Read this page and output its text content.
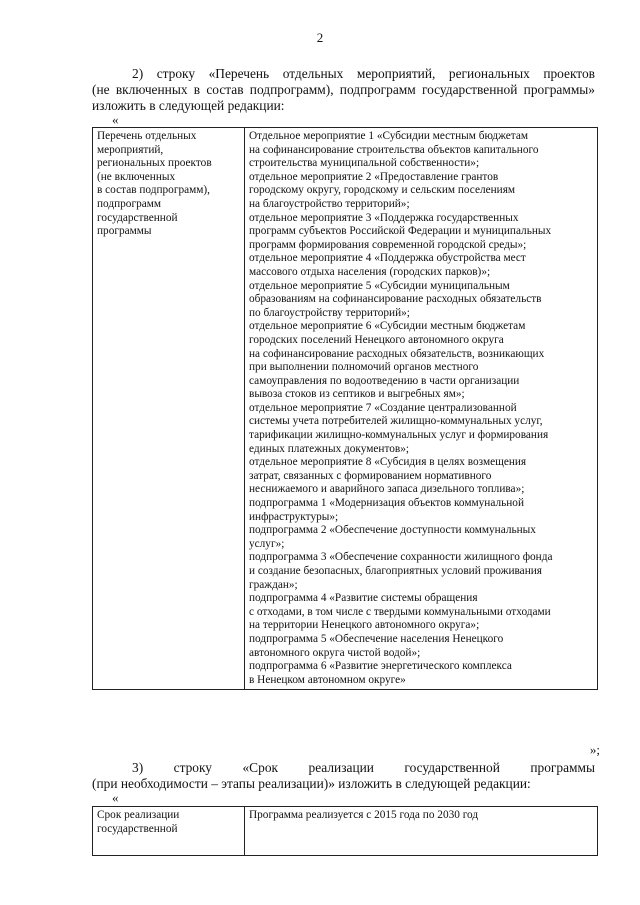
2
2) строку «Перечень отдельных мероприятий, региональных проектов
(не включенных в состав подпрограмм), подпрограмм государственной программы»
изложить в следующей редакции:
«
Перечень отдельных
мероприятий,
региональных проектов
(не включенных
в состав подпрограмм),
подпрограмм
государственной
программы

Отдельное мероприятие 1 «Субсидии местным бюджетам
на софинансирование строительства объектов капитального
строительства муниципальной собственности»;
отдельное мероприятие 2 «Предоставление грантов
городскому округу, городскому и сельским поселениям
на благоустройство территорий»;
отдельное мероприятие 3 «Поддержка государственных
программ субъектов Российской Федерации и муниципальных
программ формирования современной городской среды»;
отдельное мероприятие 4 «Поддержка обустройства мест
массового отдыха населения (городских парков)»;
отдельное мероприятие 5 «Субсидии муниципальным
образованиям на софинансирование расходных обязательств
по благоустройству территорий»;
отдельное мероприятие 6 «Субсидии местным бюджетам
городских поселений Ненецкого автономного округа
на софинансирование расходных обязательств, возникающих
при выполнении полномочий органов местного
самоуправления по водоотведению в части организации
вывоза стоков из септиков и выгребных ям»;
отдельное мероприятие 7 «Создание централизованной
системы учета потребителей жилищно-коммунальных услуг,
тарификации жилищно-коммунальных услуг и формирования
единых платежных документов»;
отдельное мероприятие 8 «Субсидия в целях возмещения
затрат, связанных с формированием нормативного
неснижаемого и аварийного запаса дизельного топлива»;
подпрограмма 1 «Модернизация объектов коммунальной
инфраструктуры»;
подпрограмма 2 «Обеспечение доступности коммунальных
услуг»;
подпрограмма 3 «Обеспечение сохранности жилищного фонда
и создание безопасных, благоприятных условий проживания
граждан»;
подпрограмма 4 «Развитие системы обращения
с отходами, в том числе с твердыми коммунальными отходами
на территории Ненецкого автономного округа»;
подпрограмма 5 «Обеспечение населения Ненецкого
автономного округа чистой водой»;
подпрограмма 6 «Развитие энергетического комплекса
в Ненецком автономном округе»
»;
3) строку «Срок реализации государственной программы
(при необходимости – этапы реализации)» изложить в следующей редакции:
«
Срок реализации
государственной

Программа реализуется с 2015 года по 2030 год
